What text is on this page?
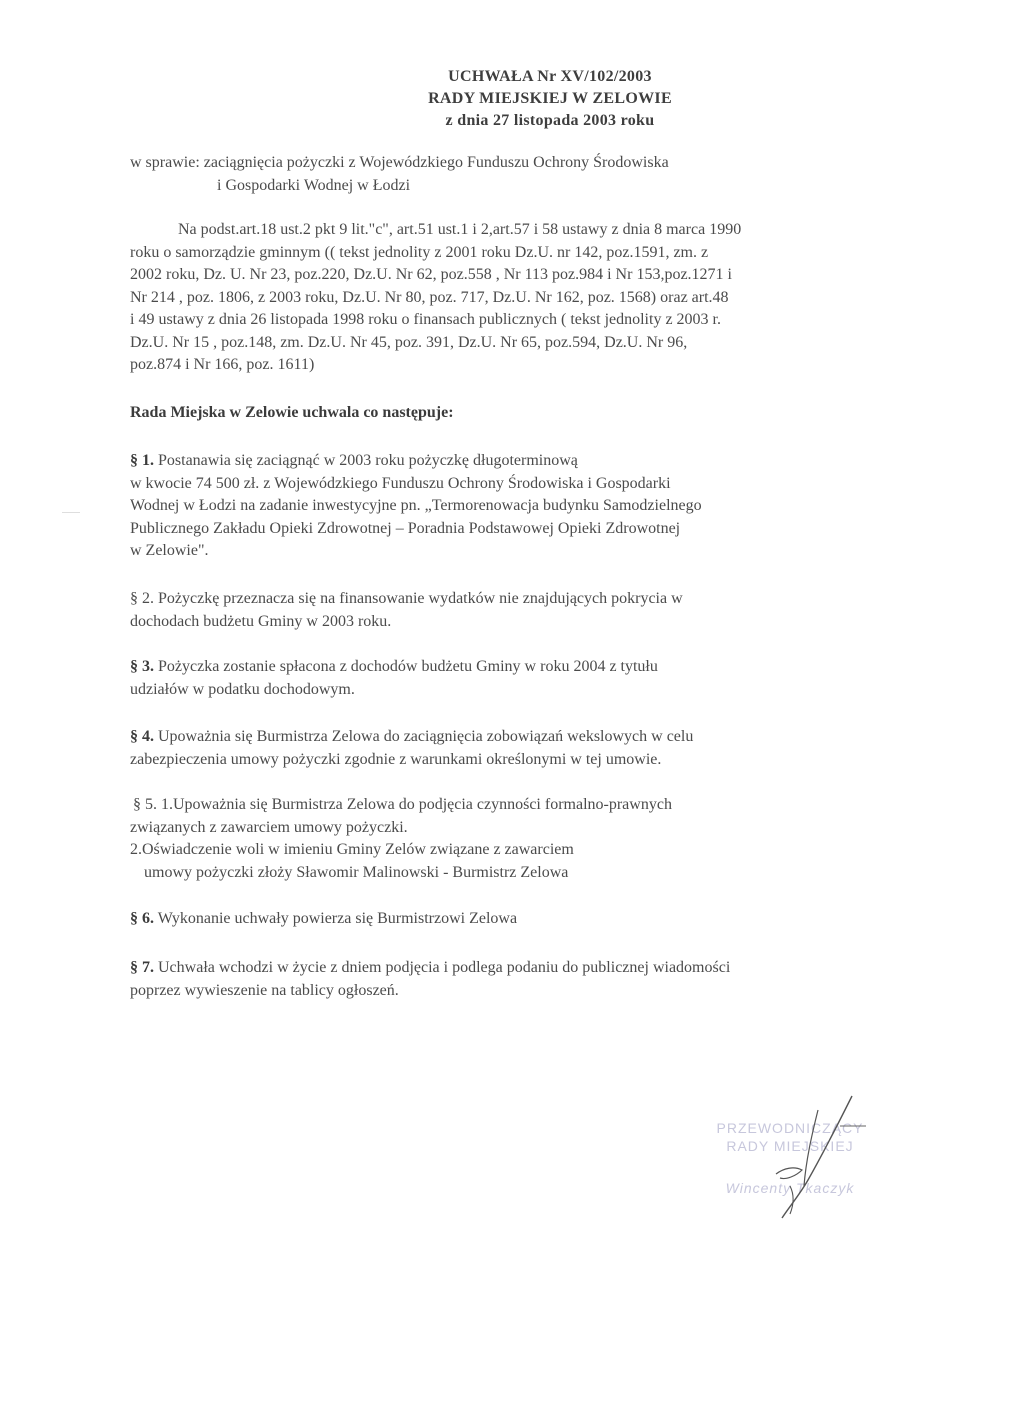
UCHWAŁA Nr XV/102/2003
RADY MIEJSKIEJ W ZELOWIE
z dnia 27 listopada 2003 roku
w sprawie: zaciągnięcia pożyczki z Wojewódzkiego Funduszu Ochrony Środowiska
i Gospodarki Wodnej w Łodzi
Na podst.art.18 ust.2 pkt 9 lit."c", art.51 ust.1 i 2,art.57 i 58 ustawy z dnia 8 marca 1990
roku o samorządzie gminnym (( tekst jednolity z 2001 roku Dz.U. nr 142, poz.1591, zm. z
2002 roku, Dz. U. Nr 23, poz.220, Dz.U. Nr 62, poz.558 , Nr 113 poz.984 i Nr 153,poz.1271 i
Nr 214 , poz. 1806, z 2003 roku, Dz.U. Nr 80, poz. 717, Dz.U. Nr 162, poz. 1568) oraz art.48
i 49 ustawy z dnia 26 listopada 1998 roku o finansach publicznych ( tekst jednolity z 2003 r.
Dz.U. Nr 15 , poz.148, zm. Dz.U. Nr 45, poz. 391, Dz.U. Nr 65, poz.594, Dz.U. Nr 96,
poz.874 i Nr 166, poz. 1611)
Rada Miejska w Zelowie uchwala co następuje:
§ 1. Postanawia się zaciągnąć w 2003 roku pożyczkę długoterminową
w kwocie 74 500 zł. z Wojewódzkiego Funduszu Ochrony Środowiska i Gospodarki
Wodnej w Łodzi na zadanie inwestycyjne pn. „Termorenowacja budynku Samodzielnego
Publicznego Zakładu Opieki Zdrowotnej – Poradnia Podstawowej Opieki Zdrowotnej
w Zelowie".
§ 2. Pożyczkę przeznacza się na finansowanie wydatków nie znajdujących pokrycia w
dochodach budżetu Gminy w 2003 roku.
§ 3. Pożyczka zostanie spłacona z dochodów budżetu Gminy w roku 2004 z tytułu
udziałów w podatku dochodowym.
§ 4. Upoważnia się Burmistrza Zelowa do zaciągnięcia zobowiązań wekslowych w celu
zabezpieczenia umowy pożyczki zgodnie z warunkami określonymi w tej umowie.
§ 5. 1.Upoważnia się Burmistrza Zelowa do podjęcia czynności formalno-prawnych
związanych z zawarciem umowy pożyczki.
2.Oświadczenie woli w imieniu Gminy Zelów związane z zawarciem
umowy pożyczki złoży Sławomir Malinowski - Burmistrz Zelowa
§ 6. Wykonanie uchwały powierza się Burmistrzowi Zelowa
§ 7. Uchwała wchodzi w życie z dniem podjęcia i podlega podaniu do publicznej wiadomości
poprzez wywieszenie na tablicy ogłoszeń.
PRZEWODNICZĄCY
RADY MIEJSKIEJ
Wincenty Tkaczyk
